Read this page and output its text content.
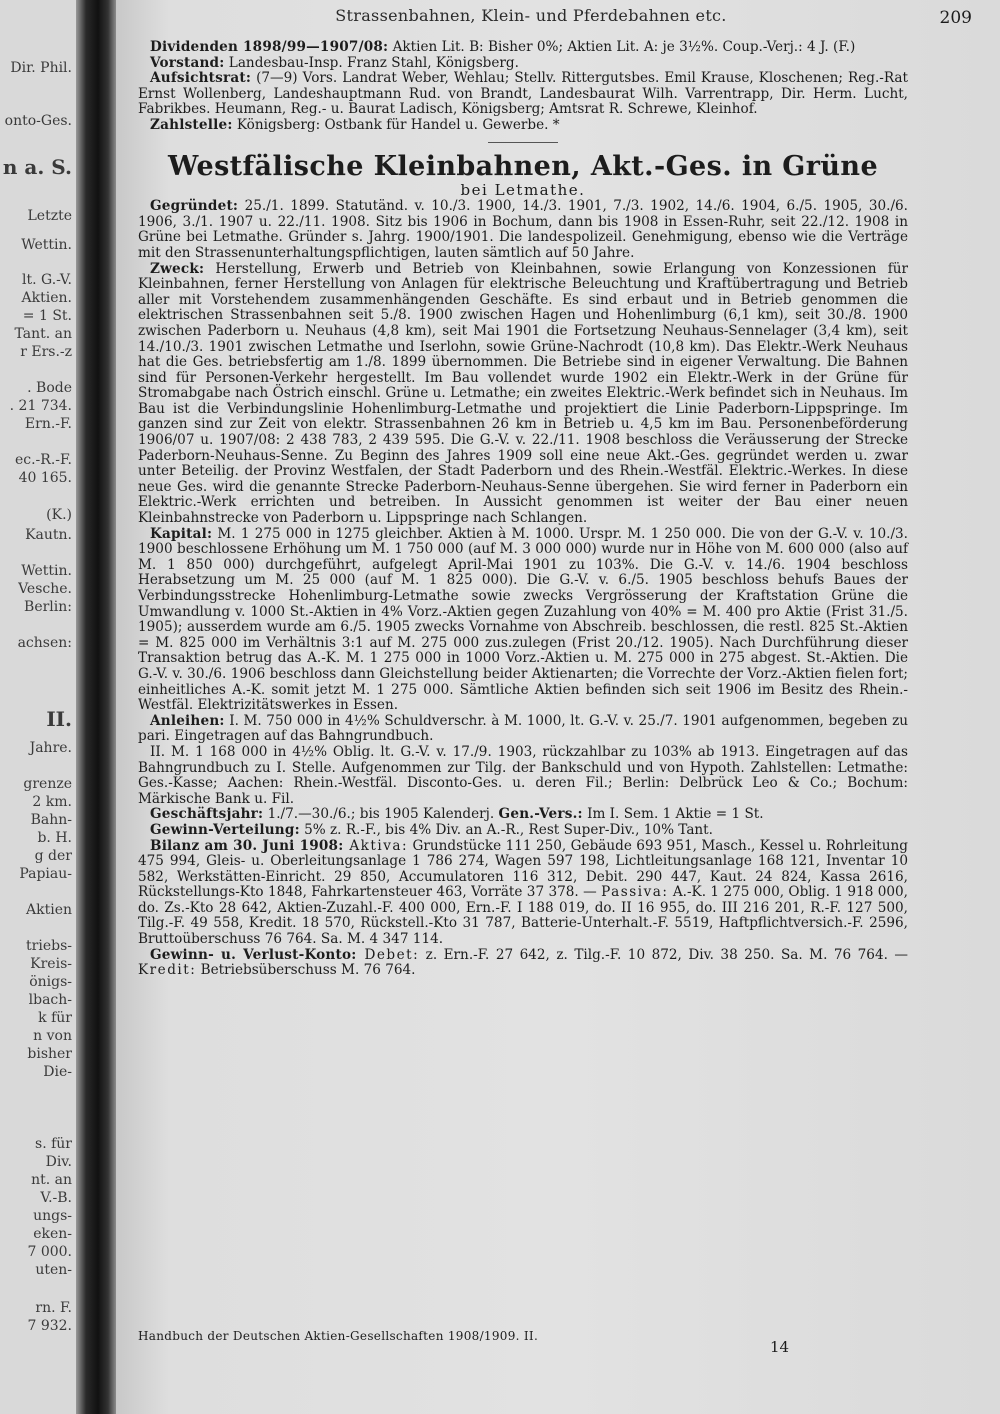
Dir. Phil.
onto-Ges.
n a. S.
Letzte
Wettin.
lt. G.-V.
Aktien.
= 1 St.
Tant. an
r Ers.-z
. Bode
. 21 734.
Ern.-F.
ec.-R.-F.
40 165.
(K.)
Kautn.
Wettin.
Vesche.
Berlin:
achsen:
II.
Jahre.
grenze
2 km.
Bahn-
b. H.
g der
Papiau-
Aktien
triebs-
Kreis-
önigs-
lbach-
k für
n von
bisher
Die-
s. für
Div.
nt. an
V.-B.
ungs-
eken-
7 000.
uten-
rn. F.
7 932.
Strassenbahnen, Klein- und Pferdebahnen etc.	209

Dividenden 1898/99—1907/08: Aktien Lit. B: Bisher 0%; Aktien Lit. A: je 3½%. Coup.-Verj.: 4 J. (F.)

Vorstand: Landesbau-Insp. Franz Stahl, Königsberg.

Aufsichtsrat: (7—9) Vors. Landrat Weber, Wehlau; Stellv. Rittergutsbes. Emil Krause, Kloschenen; Reg.-Rat Ernst Wollenberg, Landeshauptmann Rud. von Brandt, Landesbaurat Wilh. Varrentrapp, Dir. Herm. Lucht, Fabrikbes. Heumann, Reg.- u. Baurat Ladisch, Königsberg; Amtsrat R. Schrewe, Kleinhof.

Zahlstelle: Königsberg: Ostbank für Handel u. Gewerbe. *

Westfälische Kleinbahnen, Akt.-Ges. in Grüne
bei Letmathe.

Gegründet: 25./1. 1899. Statutänd. v. 10./3. 1900, 14./3. 1901, 7./3. 1902, 14./6. 1904, 6./5. 1905, 30./6. 1906, 3./1. 1907 u. 22./11. 1908. Sitz bis 1906 in Bochum, dann bis 1908 in Essen-Ruhr, seit 22./12. 1908 in Grüne bei Letmathe. Gründer s. Jahrg. 1900/1901. Die landespolizeil. Genehmigung, ebenso wie die Verträge mit den Strassenunterhaltungspflichtigen, lauten sämtlich auf 50 Jahre.

Zweck: Herstellung, Erwerb und Betrieb von Kleinbahnen, sowie Erlangung von Konzessionen für Kleinbahnen, ferner Herstellung von Anlagen für elektrische Beleuchtung und Kraftübertragung und Betrieb aller mit Vorstehendem zusammenhängenden Geschäfte. Es sind erbaut und in Betrieb genommen die elektrischen Strassenbahnen seit 5./8. 1900 zwischen Hagen und Hohenlimburg (6,1 km), seit 30./8. 1900 zwischen Paderborn u. Neuhaus (4,8 km), seit Mai 1901 die Fortsetzung Neuhaus-Sennelager (3,4 km), seit 14./10./3. 1901 zwischen Letmathe und Iserlohn, sowie Grüne-Nachrodt (10,8 km). Das Elektr.-Werk Neuhaus hat die Ges. betriebsfertig am 1./8. 1899 übernommen. Die Betriebe sind in eigener Verwaltung. Die Bahnen sind für Personen-Verkehr hergestellt. Im Bau vollendet wurde 1902 ein Elektr.-Werk in der Grüne für Stromabgabe nach Östrich einschl. Grüne u. Letmathe; ein zweites Elektric.-Werk befindet sich in Neuhaus. Im Bau ist die Verbindungslinie Hohenlimburg-Letmathe und projektiert die Linie Paderborn-Lippspringe. Im ganzen sind zur Zeit von elektr. Strassenbahnen 26 km in Betrieb u. 4,5 km im Bau. Personenbeförderung 1906/07 u. 1907/08: 2 438 783, 2 439 595. Die G.-V. v. 22./11. 1908 beschloss die Veräusserung der Strecke Paderborn-Neuhaus-Senne. Zu Beginn des Jahres 1909 soll eine neue Akt.-Ges. gegründet werden u. zwar unter Beteilig. der Provinz Westfalen, der Stadt Paderborn und des Rhein.-Westfäl. Elektric.-Werkes. In diese neue Ges. wird die genannte Strecke Paderborn-Neuhaus-Senne übergehen. Sie wird ferner in Paderborn ein Elektric.-Werk errichten und betreiben. In Aussicht genommen ist weiter der Bau einer neuen Kleinbahnstrecke von Paderborn u. Lippspringe nach Schlangen.

Kapital: M. 1 275 000 in 1275 gleichber. Aktien à M. 1000. Urspr. M. 1 250 000. Die von der G.-V. v. 10./3. 1900 beschlossene Erhöhung um M. 1 750 000 (auf M. 3 000 000) wurde nur in Höhe von M. 600 000 (also auf M. 1 850 000) durchgeführt, aufgelegt April-Mai 1901 zu 103%. Die G.-V. v. 14./6. 1904 beschloss Herabsetzung um M. 25 000 (auf M. 1 825 000). Die G.-V. v. 6./5. 1905 beschloss behufs Baues der Verbindungsstrecke Hohenlimburg-Letmathe sowie zwecks Vergrösserung der Kraftstation Grüne die Umwandlung v. 1000 St.-Aktien in 4% Vorz.-Aktien gegen Zuzahlung von 40% = M. 400 pro Aktie (Frist 31./5. 1905); ausserdem wurde am 6./5. 1905 zwecks Vornahme von Abschreib. beschlossen, die restl. 825 St.-Aktien = M. 825 000 im Verhältnis 3:1 auf M. 275 000 zus.zulegen (Frist 20./12. 1905). Nach Durchführung dieser Transaktion betrug das A.-K. M. 1 275 000 in 1000 Vorz.-Aktien u. M. 275 000 in 275 abgest. St.-Aktien. Die G.-V. v. 30./6. 1906 beschloss dann Gleichstellung beider Aktienarten; die Vorrechte der Vorz.-Aktien fielen fort; einheitliches A.-K. somit jetzt M. 1 275 000. Sämtliche Aktien befinden sich seit 1906 im Besitz des Rhein.-Westfäl. Elektrizitätswerkes in Essen.

Anleihen: I. M. 750 000 in 4½% Schuldverschr. à M. 1000, lt. G.-V. v. 25./7. 1901 aufgenommen, begeben zu pari. Eingetragen auf das Bahngrundbuch.

II. M. 1 168 000 in 4½% Oblig. lt. G.-V. v. 17./9. 1903, rückzahlbar zu 103% ab 1913. Eingetragen auf das Bahngrundbuch zu I. Stelle. Aufgenommen zur Tilg. der Bankschuld und von Hypoth. Zahlstellen: Letmathe: Ges.-Kasse; Aachen: Rhein.-Westfäl. Disconto-Ges. u. deren Fil.; Berlin: Delbrück Leo & Co.; Bochum: Märkische Bank u. Fil.

Geschäftsjahr: 1./7.—30./6.; bis 1905 Kalenderj. Gen.-Vers.: Im I. Sem. 1 Aktie = 1 St.

Gewinn-Verteilung: 5% z. R.-F., bis 4% Div. an A.-R., Rest Super-Div., 10% Tant.

Bilanz am 30. Juni 1908: Aktiva: Grundstücke 111 250, Gebäude 693 951, Masch., Kessel u. Rohrleitung 475 994, Gleis- u. Oberleitungsanlage 1 786 274, Wagen 597 198, Lichtleitungsanlage 168 121, Inventar 10 582, Werkstätten-Einricht. 29 850, Accumulatoren 116 312, Debit. 290 447, Kaut. 24 824, Kassa 2616, Rückstellungs-Kto 1848, Fahrkartensteuer 463, Vorräte 37 378. — Passiva: A.-K. 1 275 000, Oblig. 1 918 000, do. Zs.-Kto 28 642, Aktien-Zuzahl.-F. 400 000, Ern.-F. I 188 019, do. II 16 955, do. III 216 201, R.-F. 127 500, Tilg.-F. 49 558, Kredit. 18 570, Rückstell.-Kto 31 787, Batterie-Unterhalt.-F. 5519, Haftpflichtversich.-F. 2596, Bruttoüberschuss 76 764. Sa. M. 4 347 114.

Gewinn- u. Verlust-Konto: Debet: z. Ern.-F. 27 642, z. Tilg.-F. 10 872, Div. 38 250. Sa. M. 76 764. — Kredit: Betriebsüberschuss M. 76 764.

Handbuch der Deutschen Aktien-Gesellschaften 1908/1909. II.
14
